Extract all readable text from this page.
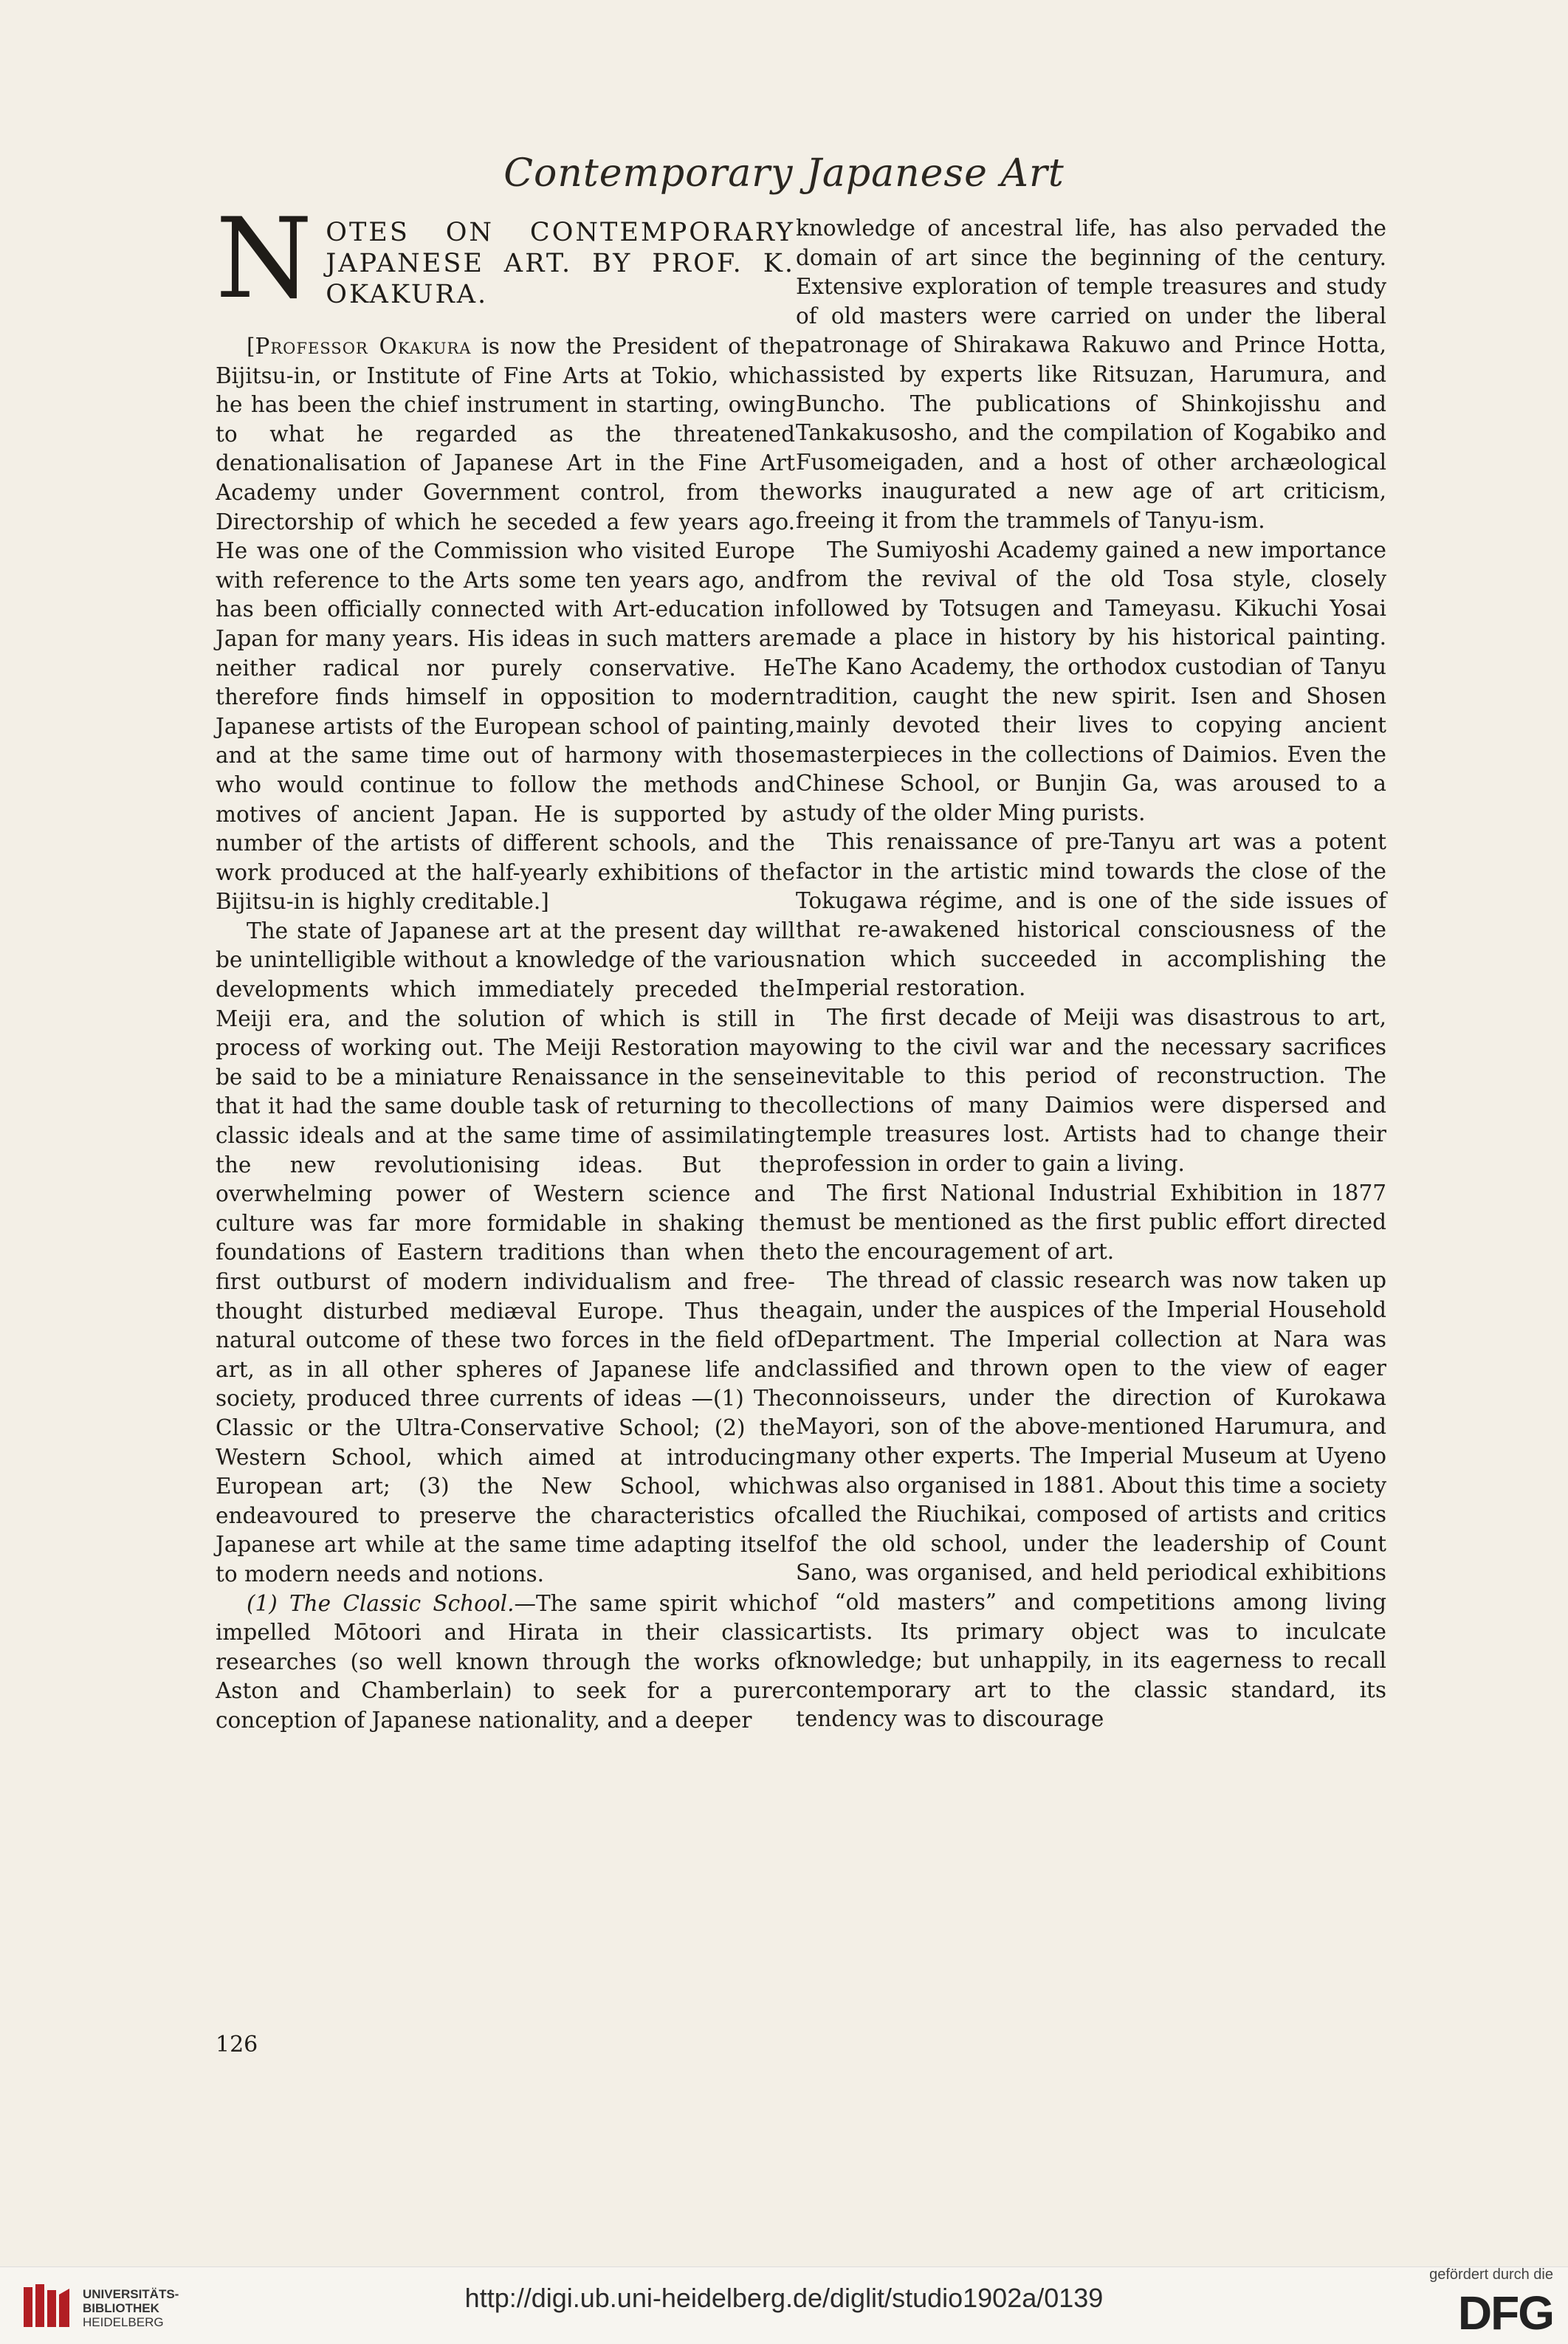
Contemporary Japanese Art
N OTES ON CONTEMPORARY JAPANESE ART. BY PROF. K. OKAKURA.

[Professor Okakura is now the President of the Bijitsu-in, or Institute of Fine Arts at Tokio, which he has been the chief instrument in starting, owing to what he regarded as the threatened denationalisation of Japanese Art in the Fine Art Academy under Government control, from the Directorship of which he seceded a few years ago. He was one of the Commission who visited Europe with reference to the Arts some ten years ago, and has been officially connected with Art-education in Japan for many years. His ideas in such matters are neither radical nor purely conservative. He therefore finds himself in opposition to modern Japanese artists of the European school of painting, and at the same time out of harmony with those who would continue to follow the methods and motives of ancient Japan. He is supported by a number of the artists of different schools, and the work produced at the half-yearly exhibitions of the Bijitsu-in is highly creditable.]

The state of Japanese art at the present day will be unintelligible without a knowledge of the various developments which immediately preceded the Meiji era, and the solution of which is still in process of working out. The Meiji Restoration may be said to be a miniature Renaissance in the sense that it had the same double task of returning to the classic ideals and at the same time of assimilating the new revolutionising ideas. But the overwhelming power of Western science and culture was far more formidable in shaking the foundations of Eastern traditions than when the first outburst of modern individualism and free-thought disturbed mediæval Europe. Thus the natural outcome of these two forces in the field of art, as in all other spheres of Japanese life and society, produced three currents of ideas —(1) The Classic or the Ultra-Conservative School; (2) the Western School, which aimed at introducing European art; (3) the New School, which endeavoured to preserve the characteristics of Japanese art while at the same time adapting itself to modern needs and notions.

(1) The Classic School.—The same spirit which impelled Mōtoori and Hirata in their classic researches (so well known through the works of Aston and Chamberlain) to seek for a purer conception of Japanese nationality, and a deeper

knowledge of ancestral life, has also pervaded the domain of art since the beginning of the century. Extensive exploration of temple treasures and study of old masters were carried on under the liberal patronage of Shirakawa Rakuwo and Prince Hotta, assisted by experts like Ritsuzan, Harumura, and Buncho. The publications of Shinkojisshu and Tankakusosho, and the compilation of Kogabiko and Fusomeigaden, and a host of other archæological works inaugurated a new age of art criticism, freeing it from the trammels of Tanyu-ism.

The Sumiyoshi Academy gained a new importance from the revival of the old Tosa style, closely followed by Totsugen and Tameyasu. Kikuchi Yosai made a place in history by his historical painting. The Kano Academy, the orthodox custodian of Tanyu tradition, caught the new spirit. Isen and Shosen mainly devoted their lives to copying ancient masterpieces in the collections of Daimios. Even the Chinese School, or Bunjin Ga, was aroused to a study of the older Ming purists.

This renaissance of pre-Tanyu art was a potent factor in the artistic mind towards the close of the Tokugawa régime, and is one of the side issues of that re-awakened historical consciousness of the nation which succeeded in accomplishing the Imperial restoration.

The first decade of Meiji was disastrous to art, owing to the civil war and the necessary sacrifices inevitable to this period of reconstruction. The collections of many Daimios were dispersed and temple treasures lost. Artists had to change their profession in order to gain a living.

The first National Industrial Exhibition in 1877 must be mentioned as the first public effort directed to the encouragement of art.

The thread of classic research was now taken up again, under the auspices of the Imperial Household Department. The Imperial collection at Nara was classified and thrown open to the view of eager connoisseurs, under the direction of Kurokawa Mayori, son of the above-mentioned Harumura, and many other experts. The Imperial Museum at Uyeno was also organised in 1881. About this time a society called the Riuchikai, composed of artists and critics of the old school, under the leadership of Count Sano, was organised, and held periodical exhibitions of “old masters” and competitions among living artists. Its primary object was to inculcate knowledge; but unhappily, in its eagerness to recall contemporary art to the classic standard, its tendency was to discourage

126
UNIVERSITÄTS-
BIBLIOTHEK
HEIDELBERG
http://digi.ub.uni-heidelberg.de/diglit/studio1902a/0139
gefördert durch die
DFG
